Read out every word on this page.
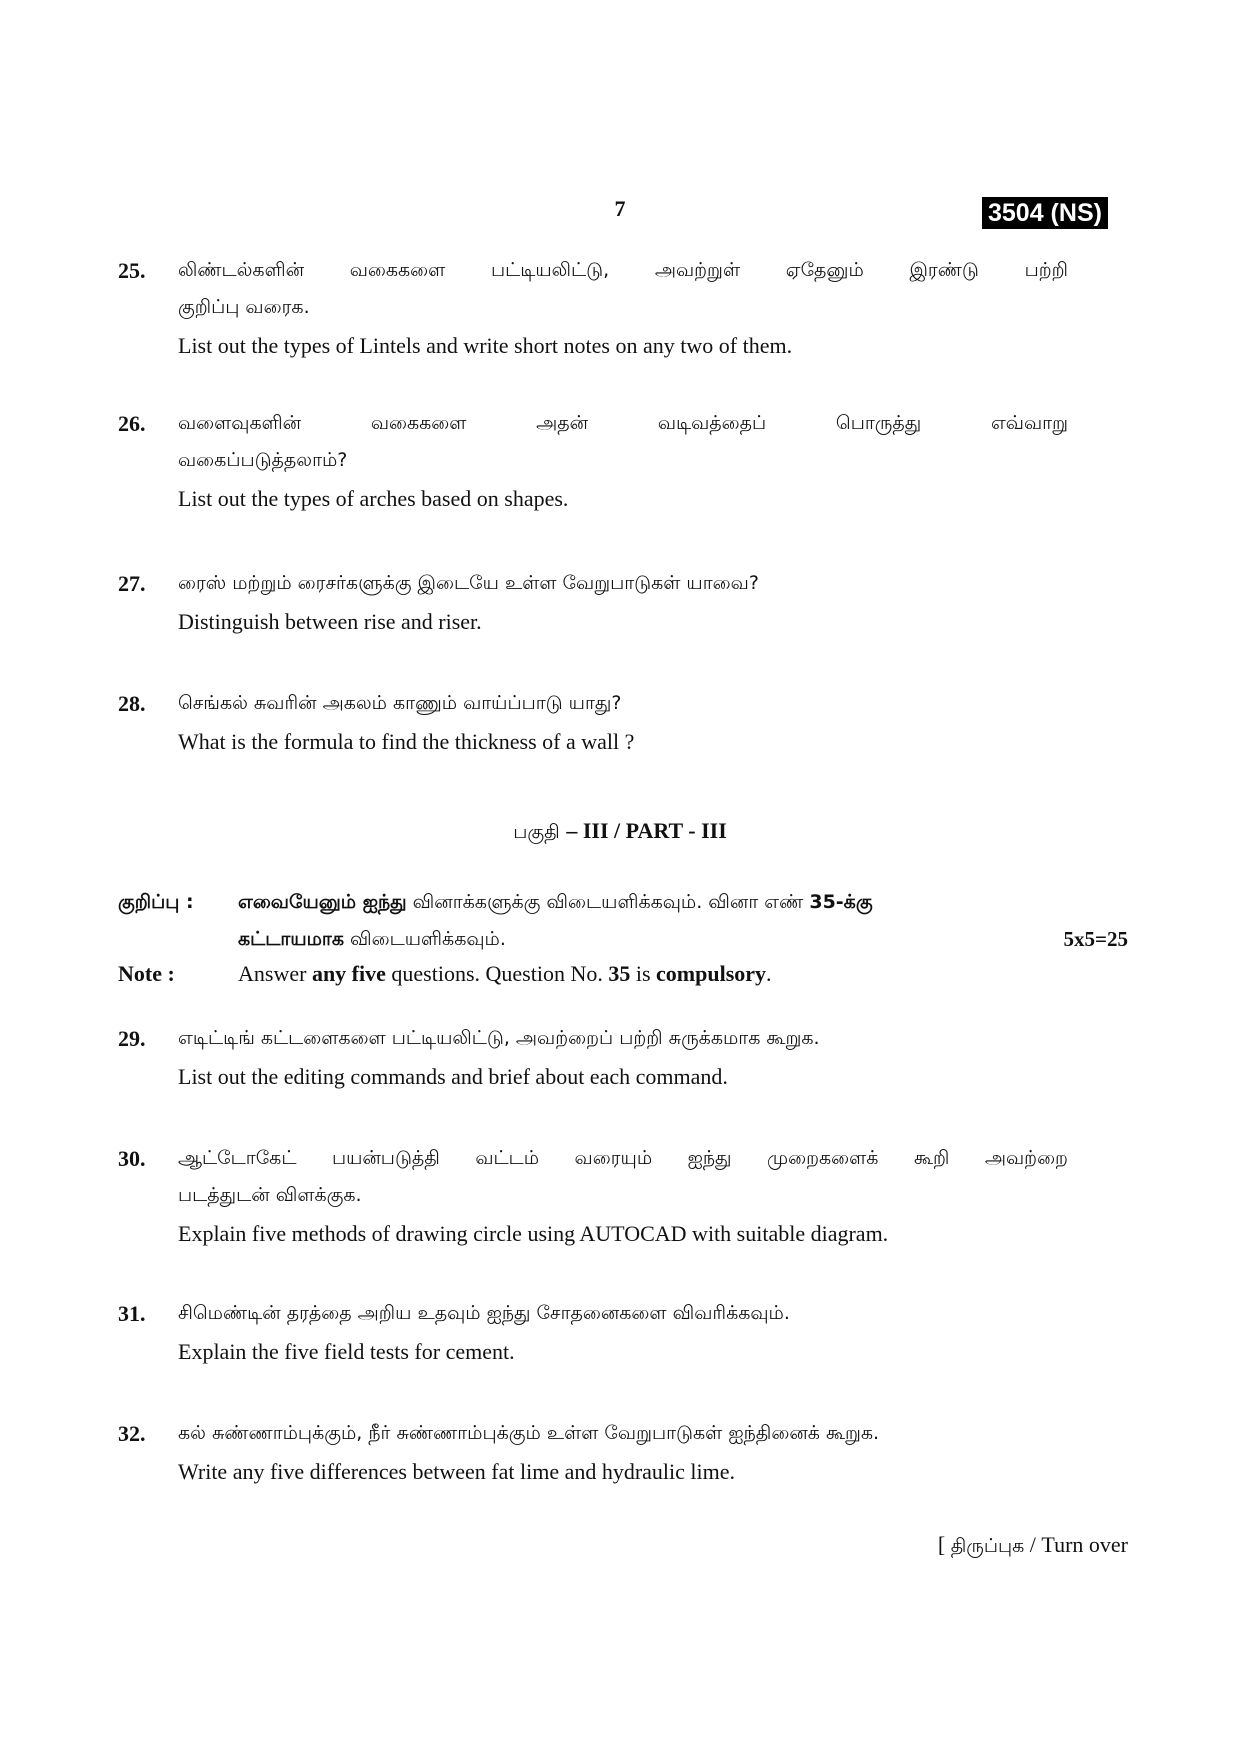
7	3504 (NS)
25. லிண்டல்களின் வகைகளை பட்டியலிட்டு, அவற்றுள் ஏதேனும் இரண்டு பற்றி
குறிப்பு வரைக.
List out the types of Lintels and write short notes on any two of them.
26. வளைவுகளின் வகைகளை அதன் வடிவத்தைப் பொருத்து எவ்வாறு
வகைப்படுத்தலாம்?
List out the types of arches based on shapes.
27. ரைஸ் மற்றும் ரைசர்களுக்கு இடையே உள்ள வேறுபாடுகள் யாவை?
Distinguish between rise and riser.
28. செங்கல் சுவரின் அகலம் காணும் வாய்ப்பாடு யாது?
What is the formula to find the thickness of a wall ?
பகுதி – III / PART - III
குறிப்பு : எவையேனும் ஐந்து வினாக்களுக்கு விடையளிக்கவும். வினா எண் 35-க்கு
கட்டாயமாக விடையளிக்கவும்.	5x5=25
Note :	Answer any five questions. Question No. 35 is compulsory.
29. எடிட்டிங் கட்டளைகளை பட்டியலிட்டு, அவற்றைப் பற்றி சுருக்கமாக கூறுக.
List out the editing commands and brief about each command.
30. ஆட்டோகேட் பயன்படுத்தி வட்டம் வரையும் ஐந்து முறைகளைக் கூறி அவற்றை
படத்துடன் விளக்குக.
Explain five methods of drawing circle using AUTOCAD with suitable diagram.
31. சிமெண்டின் தரத்தை அறிய உதவும் ஐந்து சோதனைகளை விவரிக்கவும்.
Explain the five field tests for cement.
32. கல் சுண்ணாம்புக்கும், நீர் சுண்ணாம்புக்கும் உள்ள வேறுபாடுகள் ஐந்தினைக் கூறுக.
Write any five differences between fat lime and hydraulic lime.
[ திருப்புக / Turn over
